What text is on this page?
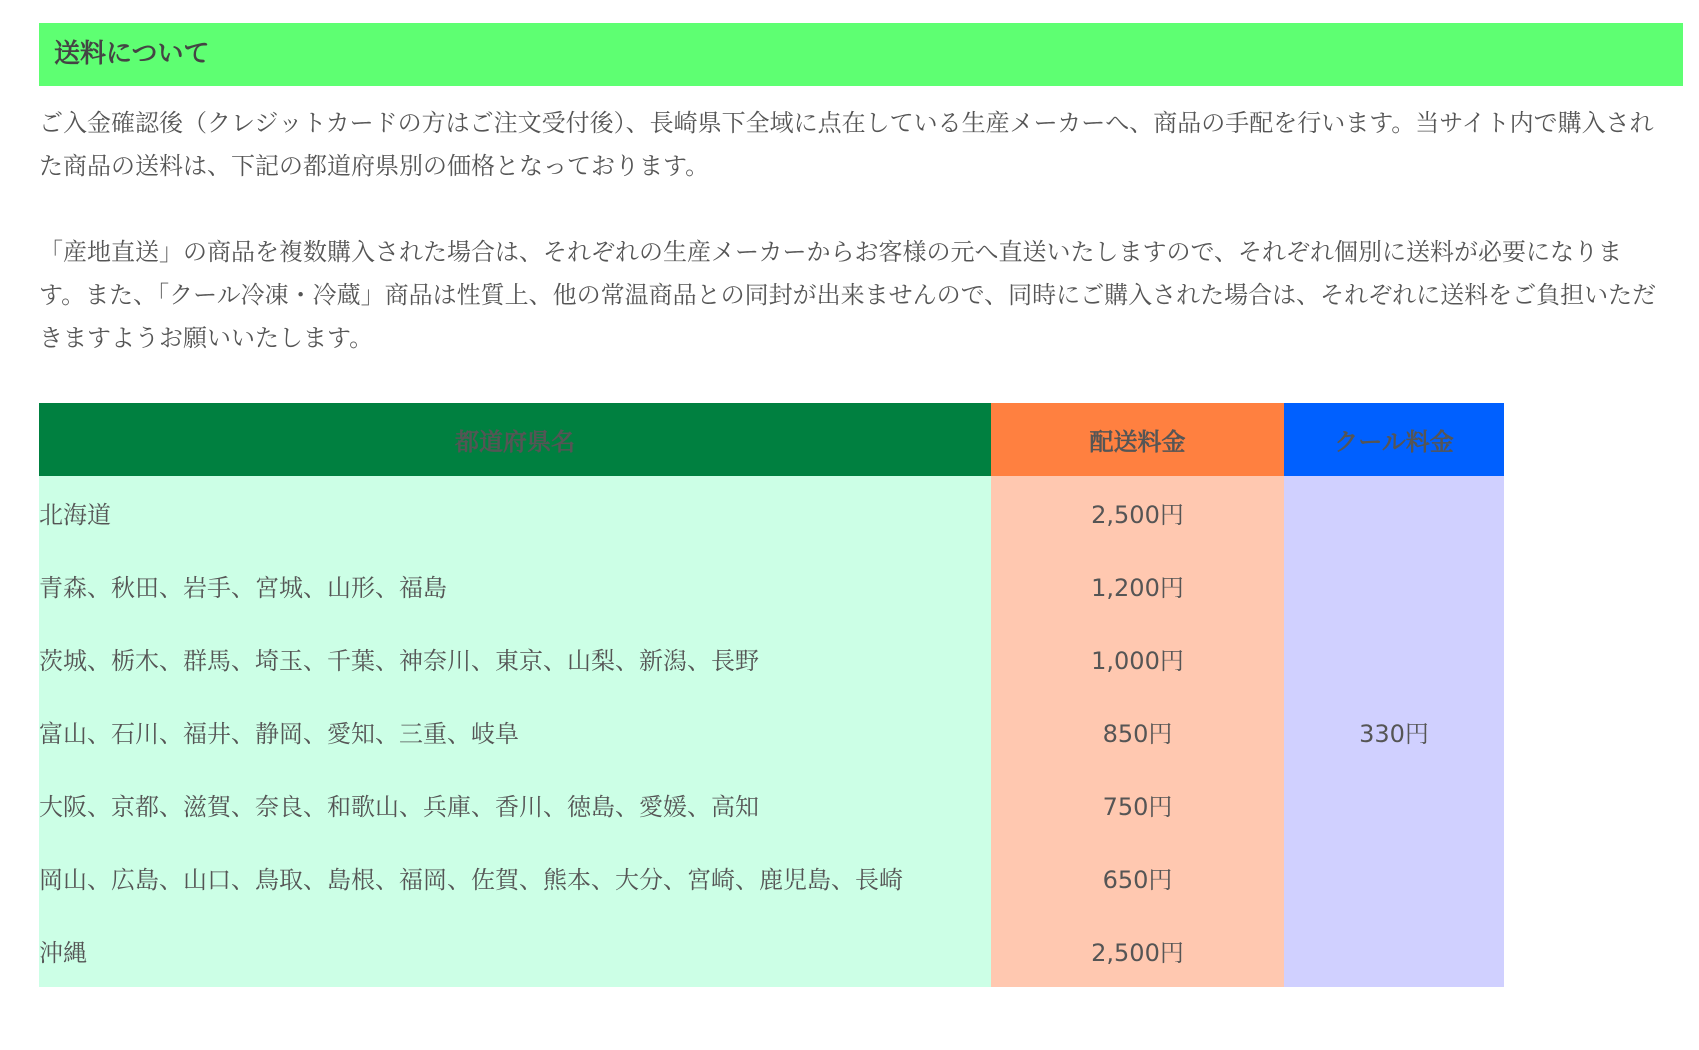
送料について

ご入金確認後（クレジットカードの方はご注文受付後）、長崎県下全域に点在している生産メーカーへ、商品の手配を行います。当サイト内で購入された商品の送料は、下記の都道府県別の価格となっております。

「産地直送」の商品を複数購入された場合は、それぞれの生産メーカーからお客様の元へ直送いたしますので、それぞれ個別に送料が必要になります。また、「クール冷凍・冷蔵」商品は性質上、他の常温商品との同封が出来ませんので、同時にご購入された場合は、それぞれに送料をご負担いただきますようお願いいたします。

都道府県名	配送料金	クール料金
北海道	2,500円	330円
青森、秋田、岩手、宮城、山形、福島	1,200円	
茨城、栃木、群馬、埼玉、千葉、神奈川、東京、山梨、新潟、長野	1,000円	
富山、石川、福井、静岡、愛知、三重、岐阜	850円	
大阪、京都、滋賀、奈良、和歌山、兵庫、香川、徳島、愛媛、高知	750円	
岡山、広島、山口、鳥取、島根、福岡、佐賀、熊本、大分、宮崎、鹿児島、長崎	650円	
沖縄	2,500円	
